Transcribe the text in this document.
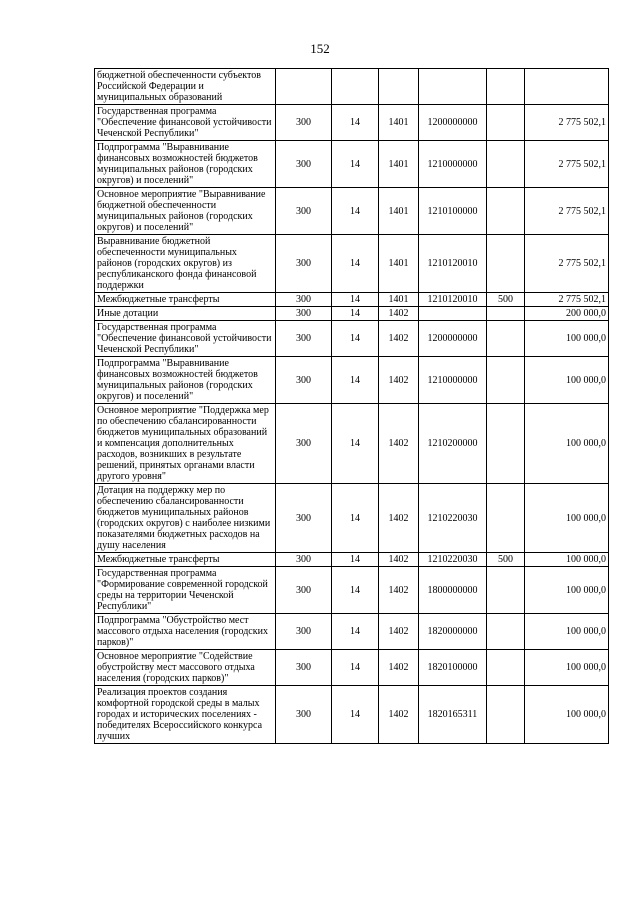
152
бюджетной обеспеченности субъектов Российской Федерации и муниципальных образований						
Государственная программа "Обеспечение финансовой устойчивости Чеченской Республики"	300	14	1401	1200000000		2 775 502,1
Подпрограмма "Выравнивание финансовых возможностей бюджетов муниципальных районов (городских округов) и поселений"	300	14	1401	1210000000		2 775 502,1
Основное мероприятие "Выравнивание бюджетной обеспеченности муниципальных районов (городских округов) и поселений"	300	14	1401	1210100000		2 775 502,1
Выравнивание бюджетной обеспеченности муниципальных районов (городских округов) из республиканского фонда финансовой поддержки	300	14	1401	1210120010		2 775 502,1
Межбюджетные трансферты	300	14	1401	1210120010	500	2 775 502,1
Иные дотации	300	14	1402			200 000,0
Государственная программа "Обеспечение финансовой устойчивости Чеченской Республики"	300	14	1402	1200000000		100 000,0
Подпрограмма "Выравнивание финансовых возможностей бюджетов муниципальных районов (городских округов) и поселений"	300	14	1402	1210000000		100 000,0
Основное мероприятие "Поддержка мер по обеспечению сбалансированности бюджетов муниципальных образований и компенсация дополнительных расходов, возникших в результате решений, принятых органами власти другого уровня"	300	14	1402	1210200000		100 000,0
Дотация на поддержку мер по обеспечению сбалансированности бюджетов муниципальных районов (городских округов) с наиболее низкими показателями бюджетных расходов на душу населения	300	14	1402	1210220030		100 000,0
Межбюджетные трансферты	300	14	1402	1210220030	500	100 000,0
Государственная программа "Формирование современной городской среды на территории Чеченской Республики"	300	14	1402	1800000000		100 000,0
Подпрограмма "Обустройство мест массового отдыха населения (городских парков)"	300	14	1402	1820000000		100 000,0
Основное мероприятие "Содействие обустройству мест массового отдыха населения (городских парков)"	300	14	1402	1820100000		100 000,0
Реализация проектов создания комфортной городской среды в малых городах и исторических поселениях - победителях Всероссийского конкурса лучших	300	14	1402	1820165311		100 000,0
